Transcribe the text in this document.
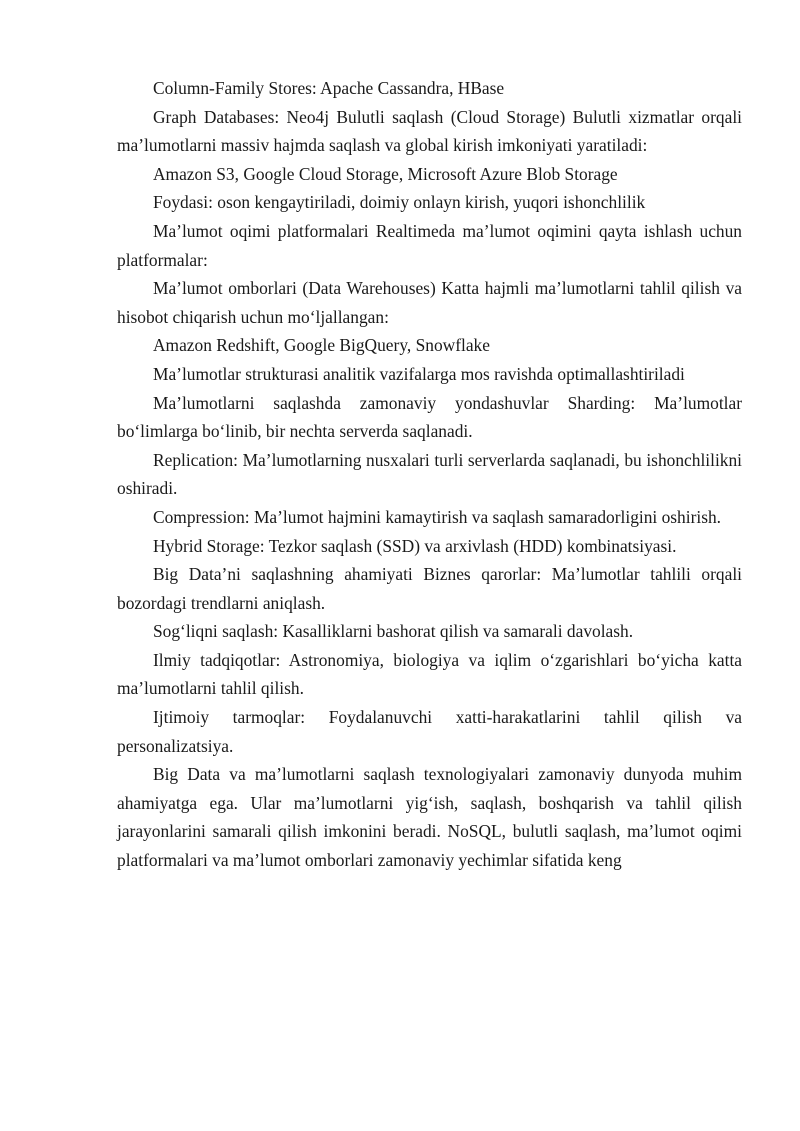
Column-Family Stores: Apache Cassandra, HBase

Graph Databases: Neo4j Bulutli saqlash (Cloud Storage) Bulutli xizmatlar orqali ma’lumotlarni massiv hajmda saqlash va global kirish imkoniyati yaratiladi:

Amazon S3, Google Cloud Storage, Microsoft Azure Blob Storage

Foydasi: oson kengaytiriladi, doimiy onlayn kirish, yuqori ishonchlilik

Ma’lumot oqimi platformalari Realtimeda ma’lumot oqimini qayta ishlash uchun platformalar:

Ma’lumot omborlari (Data Warehouses) Katta hajmli ma’lumotlarni tahlil qilish va hisobot chiqarish uchun mo‘ljallangan:

Amazon Redshift, Google BigQuery, Snowflake

Ma’lumotlar strukturasi analitik vazifalarga mos ravishda optimallashtiriladi

Ma’lumotlarni saqlashda zamonaviy yondashuvlar Sharding: Ma’lumotlar bo‘limlarga bo‘linib, bir nechta serverda saqlanadi.

Replication: Ma’lumotlarning nusxalari turli serverlarda saqlanadi, bu ishonchlilikni oshiradi.

Compression: Ma’lumot hajmini kamaytirish va saqlash samaradorligini oshirish.

Hybrid Storage: Tezkor saqlash (SSD) va arxivlash (HDD) kombinatsiyasi.

Big Data’ni saqlashning ahamiyati Biznes qarorlar: Ma’lumotlar tahlili orqali bozordagi trendlarni aniqlash.

Sog‘liqni saqlash: Kasalliklarni bashorat qilish va samarali davolash.

Ilmiy tadqiqotlar: Astronomiya, biologiya va iqlim o‘zgarishlari bo‘yicha katta ma’lumotlarni tahlil qilish.

Ijtimoiy tarmoqlar: Foydalanuvchi xatti-harakatlarini tahlil qilish va personalizatsiya.

Big Data va ma’lumotlarni saqlash texnologiyalari zamonaviy dunyoda muhim ahamiyatga ega. Ular ma’lumotlarni yig‘ish, saqlash, boshqarish va tahlil qilish jarayonlarini samarali qilish imkonini beradi. NoSQL, bulutli saqlash, ma’lumot oqimi platformalari va ma’lumot omborlari zamonaviy yechimlar sifatida keng
